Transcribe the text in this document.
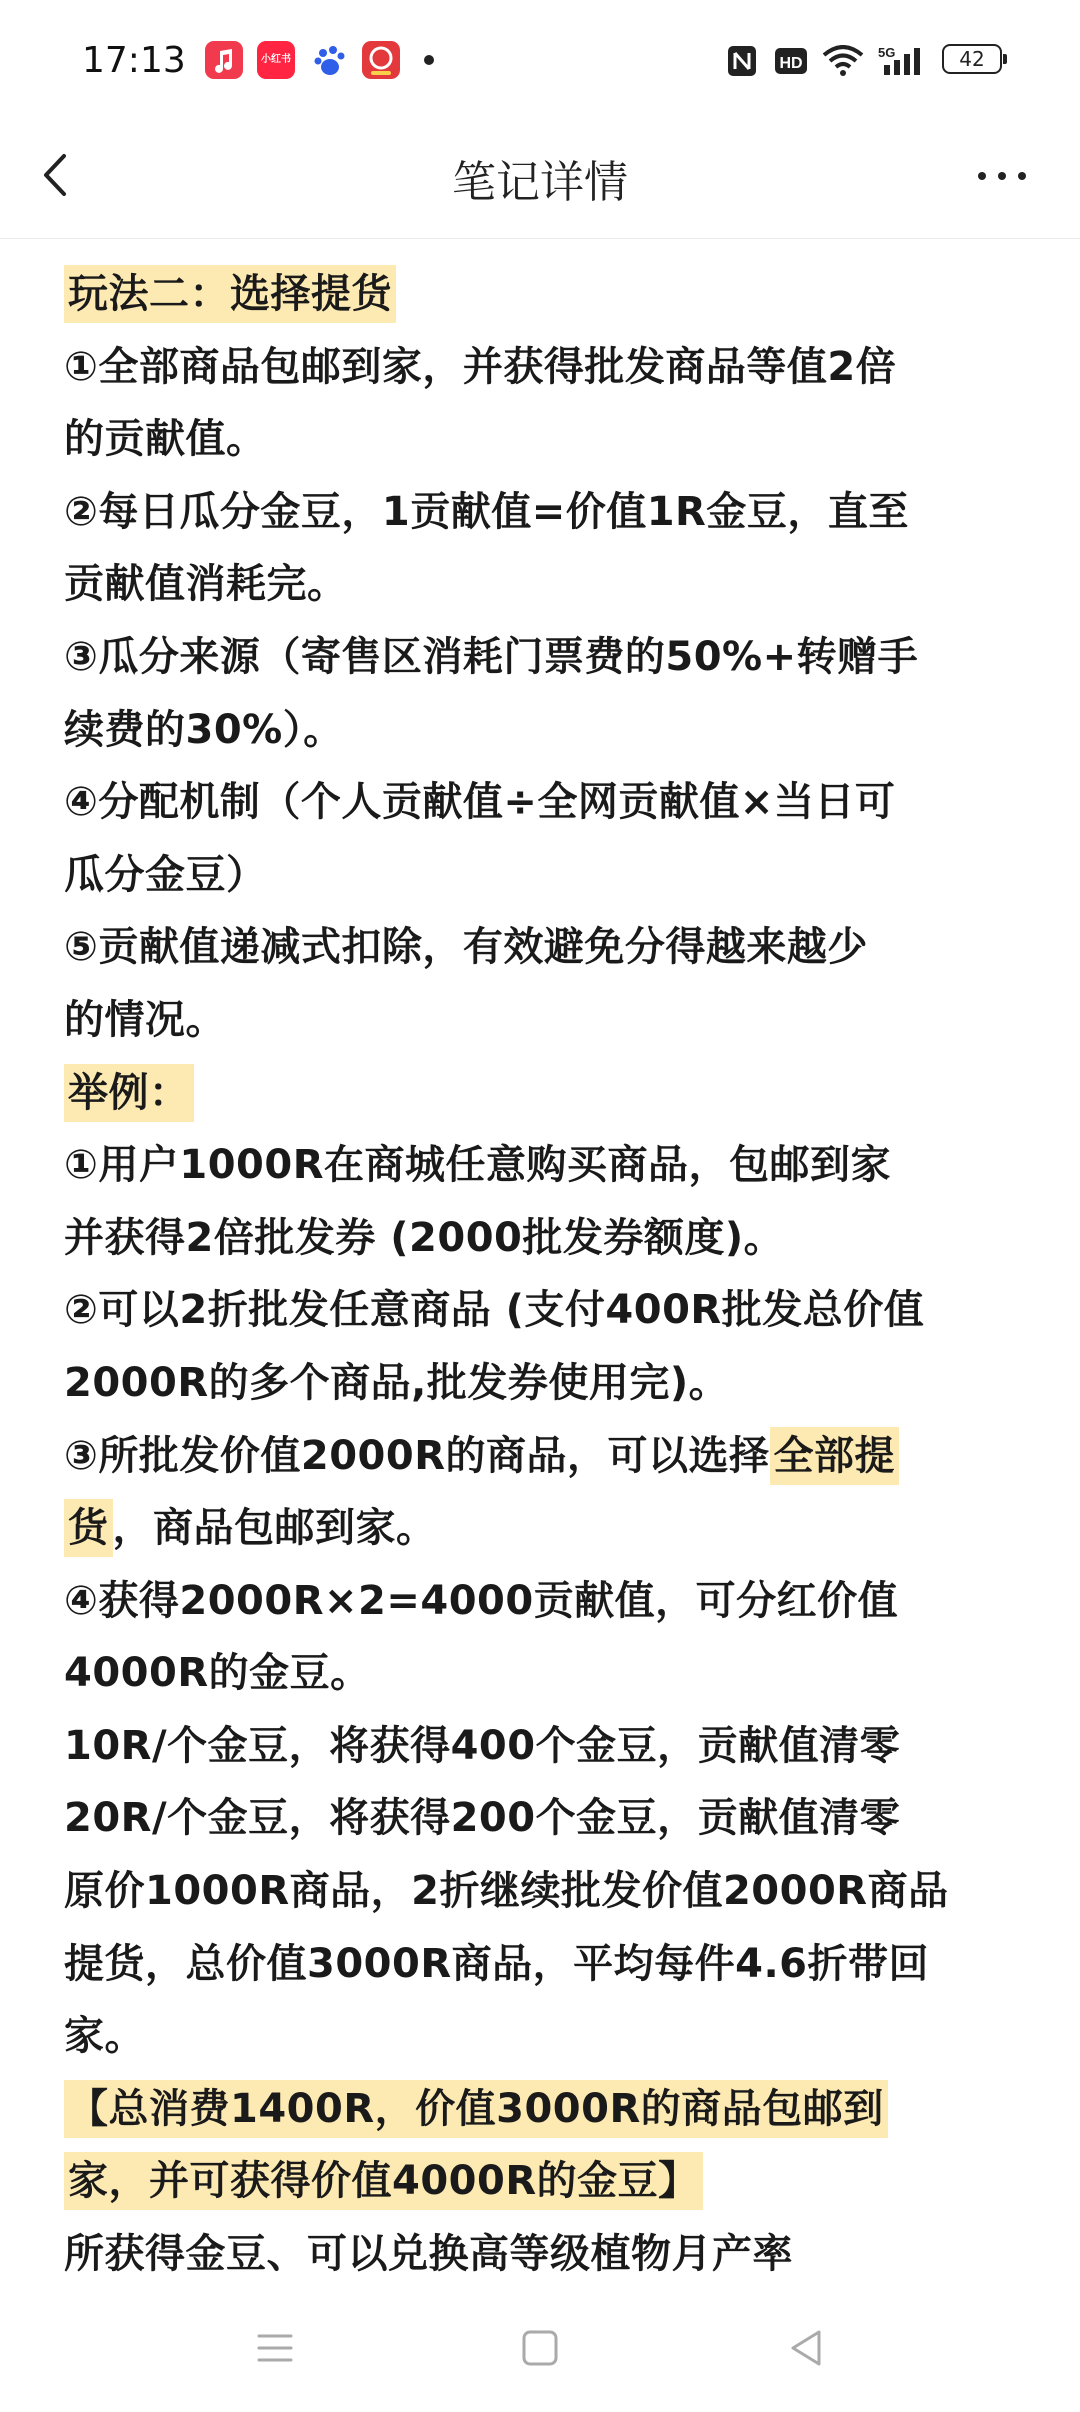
17:13	小红书	HD
5G	42
笔记详情
玩法二：选择提货
①全部商品包邮到家，并获得批发商品等值2倍
的贡献值。
②每日瓜分金豆，1贡献值=价值1R金豆，直至
贡献值消耗完。
③瓜分来源（寄售区消耗门票费的50%+转赠手
续费的30%）。
④分配机制（个人贡献值÷全网贡献值×当日可
瓜分金豆）
⑤贡献值递减式扣除，有效避免分得越来越少
的情况。
举例：
①用户1000R在商城任意购买商品，包邮到家
并获得2倍批发券 (2000批发券额度)。
②可以2折批发任意商品 (支付400R批发总价值
2000R的多个商品,批发券使用完)。
③所批发价值2000R的商品，可以选择 全部提
货 ，商品包邮到家。
④获得2000R×2=4000贡献值，可分红价值
4000R的金豆。
10R/个金豆，将获得400个金豆，贡献值清零
20R/个金豆，将获得200个金豆，贡献值清零
原价1000R商品，2折继续批发价值2000R商品
提货，总价值3000R商品，平均每件4.6折带回
家。
【总消费1400R，价值3000R的商品包邮到
家，并可获得价值4000R的金豆】
所获得金豆、可以兑换高等级植物月产率
